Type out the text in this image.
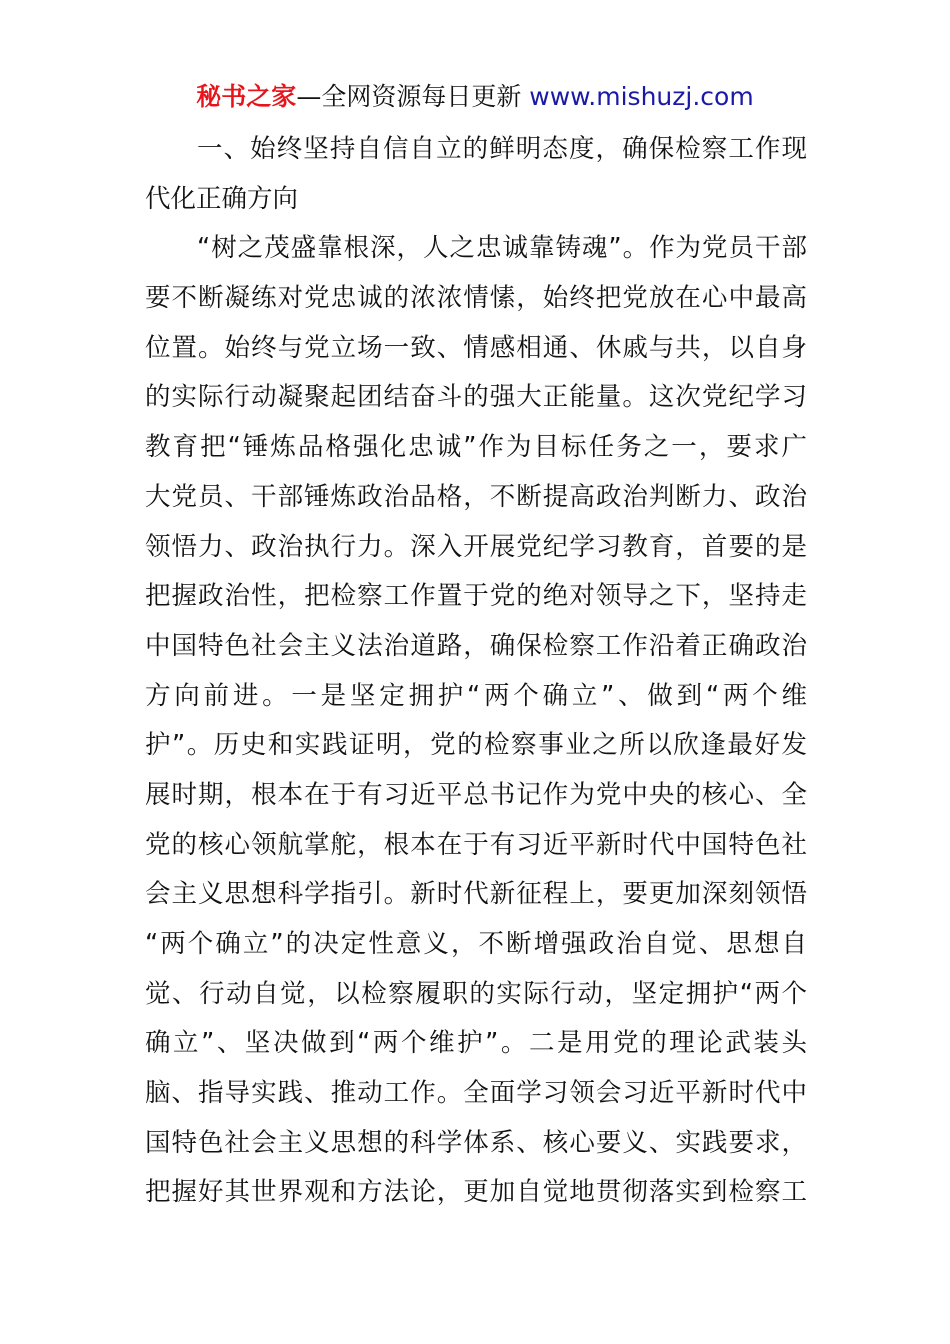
秘书之家—全网资源每日更新 www.mishuzj.com
一、始终坚持自信自立的鲜明态度，确保检察工作现
代化正确方向
“树之茂盛靠根深，人之忠诚靠铸魂”。作为党员干部
要不断凝练对党忠诚的浓浓情愫，始终把党放在心中最高
位置。始终与党立场一致、情感相通、休戚与共，以自身
的实际行动凝聚起团结奋斗的强大正能量。这次党纪学习
教育把“锤炼品格强化忠诚”作为目标任务之一，要求广
大党员、干部锤炼政治品格，不断提高政治判断力、政治
领悟力、政治执行力。深入开展党纪学习教育，首要的是
把握政治性，把检察工作置于党的绝对领导之下，坚持走
中国特色社会主义法治道路，确保检察工作沿着正确政治
方向前进。一是坚定拥护“两个确立”、做到“两个维
护”。历史和实践证明，党的检察事业之所以欣逢最好发
展时期，根本在于有习近平总书记作为党中央的核心、全
党的核心领航掌舵，根本在于有习近平新时代中国特色社
会主义思想科学指引。新时代新征程上，要更加深刻领悟
“两个确立”的决定性意义，不断增强政治自觉、思想自
觉、行动自觉，以检察履职的实际行动，坚定拥护“两个
确立”、坚决做到“两个维护”。二是用党的理论武装头
脑、指导实践、推动工作。全面学习领会习近平新时代中
国特色社会主义思想的科学体系、核心要义、实践要求，
把握好其世界观和方法论，更加自觉地贯彻落实到检察工
